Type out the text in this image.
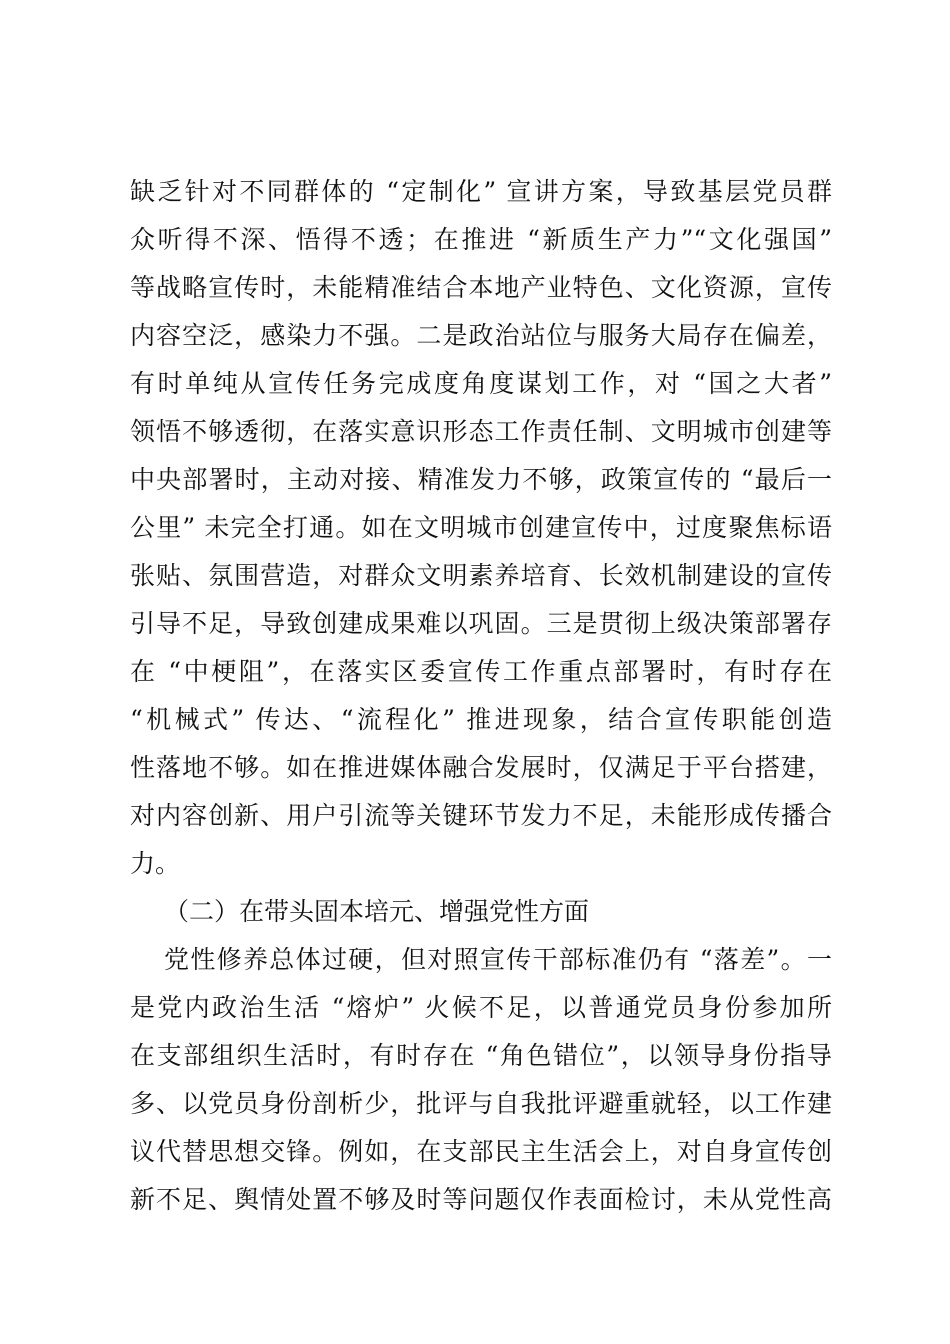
缺乏针对不同群体的 “定制化” 宣讲方案，导致基层党员群
众听得不深、悟得不透；在推进 “新质生产力”“文化强国”
等战略宣传时，未能精准结合本地产业特色、文化资源，宣传
内容空泛，感染力不强。二是政治站位与服务大局存在偏差，
有时单纯从宣传任务完成度角度谋划工作，对 “国之大者”
领悟不够透彻，在落实意识形态工作责任制、文明城市创建等
中央部署时，主动对接、精准发力不够，政策宣传的 “最后一
公里” 未完全打通。如在文明城市创建宣传中，过度聚焦标语
张贴、氛围营造，对群众文明素养培育、长效机制建设的宣传
引导不足，导致创建成果难以巩固。三是贯彻上级决策部署存
在 “中梗阻”，在落实区委宣传工作重点部署时，有时存在
“机械式” 传达、“流程化” 推进现象，结合宣传职能创造
性落地不够。如在推进媒体融合发展时，仅满足于平台搭建，
对内容创新、用户引流等关键环节发力不足，未能形成传播合
力。
（二）在带头固本培元、增强党性方面
党性修养总体过硬，但对照宣传干部标准仍有 “落差”。一
是党内政治生活 “熔炉” 火候不足，以普通党员身份参加所
在支部组织生活时，有时存在 “角色错位”，以领导身份指导
多、以党员身份剖析少，批评与自我批评避重就轻，以工作建
议代替思想交锋。例如，在支部民主生活会上，对自身宣传创
新不足、舆情处置不够及时等问题仅作表面检讨，未从党性高
